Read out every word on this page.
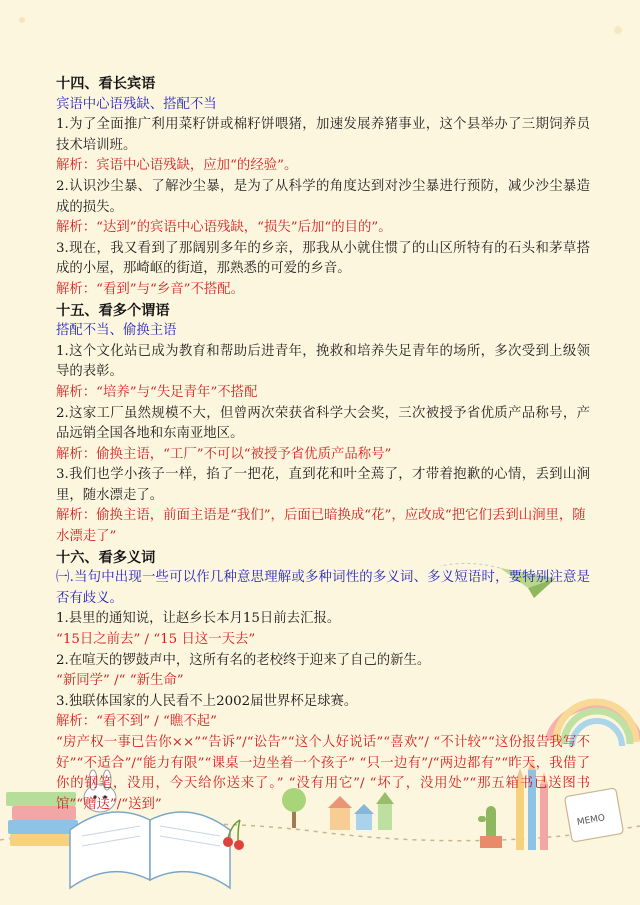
MEMO
十四、看长宾语
宾语中心语残缺、搭配不当
1.为了全面推广利用菜籽饼或棉籽饼喂猪，加速发展养猪事业，这个县举办了三期饲养员技术培训班。
解析：宾语中心语残缺，应加“的经验”。
2.认识沙尘暴、了解沙尘暴，是为了从科学的角度达到对沙尘暴进行预防，减少沙尘暴造成的损失。
解析：“达到”的宾语中心语残缺，“损失”后加“的目的”。
3.现在，我又看到了那阔别多年的乡亲，那我从小就住惯了的山区所特有的石头和茅草搭成的小屋，那崎岖的街道，那熟悉的可爱的乡音。
解析：“看到”与“乡音”不搭配。
十五、看多个谓语
搭配不当、偷换主语
1.这个文化站已成为教育和帮助后进青年，挽救和培养失足青年的场所，多次受到上级领导的表彰。
解析：“培养”与“失足青年”不搭配
2.这家工厂虽然规模不大，但曾两次荣获省科学大会奖，三次被授予省优质产品称号，产品远销全国各地和东南亚地区。
解析：偷换主语，“工厂”不可以“被授予省优质产品称号”
3.我们也学小孩子一样，掐了一把花，直到花和叶全蔫了，才带着抱歉的心情，丢到山涧里，随水漂走了。
解析：偷换主语，前面主语是“我们”，后面已暗换成“花”，应改成“把它们丢到山涧里，随水漂走了”
十六、看多义词
㈠.当句中出现一些可以作几种意思理解或多种词性的多义词、多义短语时，要特别注意是否有歧义。
1.县里的通知说，让赵乡长本月15日前去汇报。
“15日之前去” / “15 日这一天去”
2.在喧天的锣鼓声中，这所有名的老校终于迎来了自己的新生。
“新同学” /“ “新生命”
3.独联体国家的人民看不上2002届世界杯足球赛。
解析：“看不到” / “瞧不起”
“房产权一事已告你××”“告诉”/“讼告”“这个人好说话”“喜欢”/ “不计较”“这份报告我写不好”“不适合”/“能力有限”“课桌一边坐着一个孩子” “只一边有”/“两边都有”“昨天，我借了你的钢笔，没用，今天给你送来了。” “没有用它”/ “坏了，没用处”“那五箱书已送图书馆”“赠送”/“送到”
